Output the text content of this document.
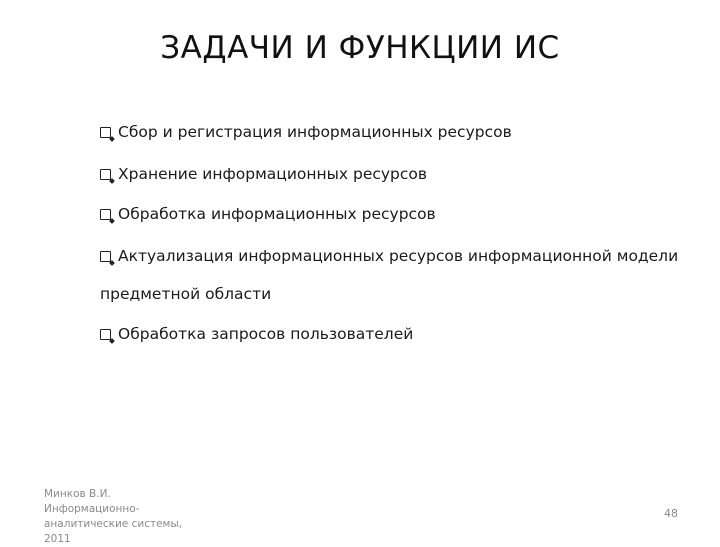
ЗАДАЧИ И ФУНКЦИИ ИС
Сбор и регистрация информационных ресурсов
Хранение информационных ресурсов
Обработка информационных ресурсов
Актуализация информационных ресурсов информационной модели
предметной области
Обработка запросов пользователей
Минков В.И.
Информационно-
аналитические системы,
2011
48
